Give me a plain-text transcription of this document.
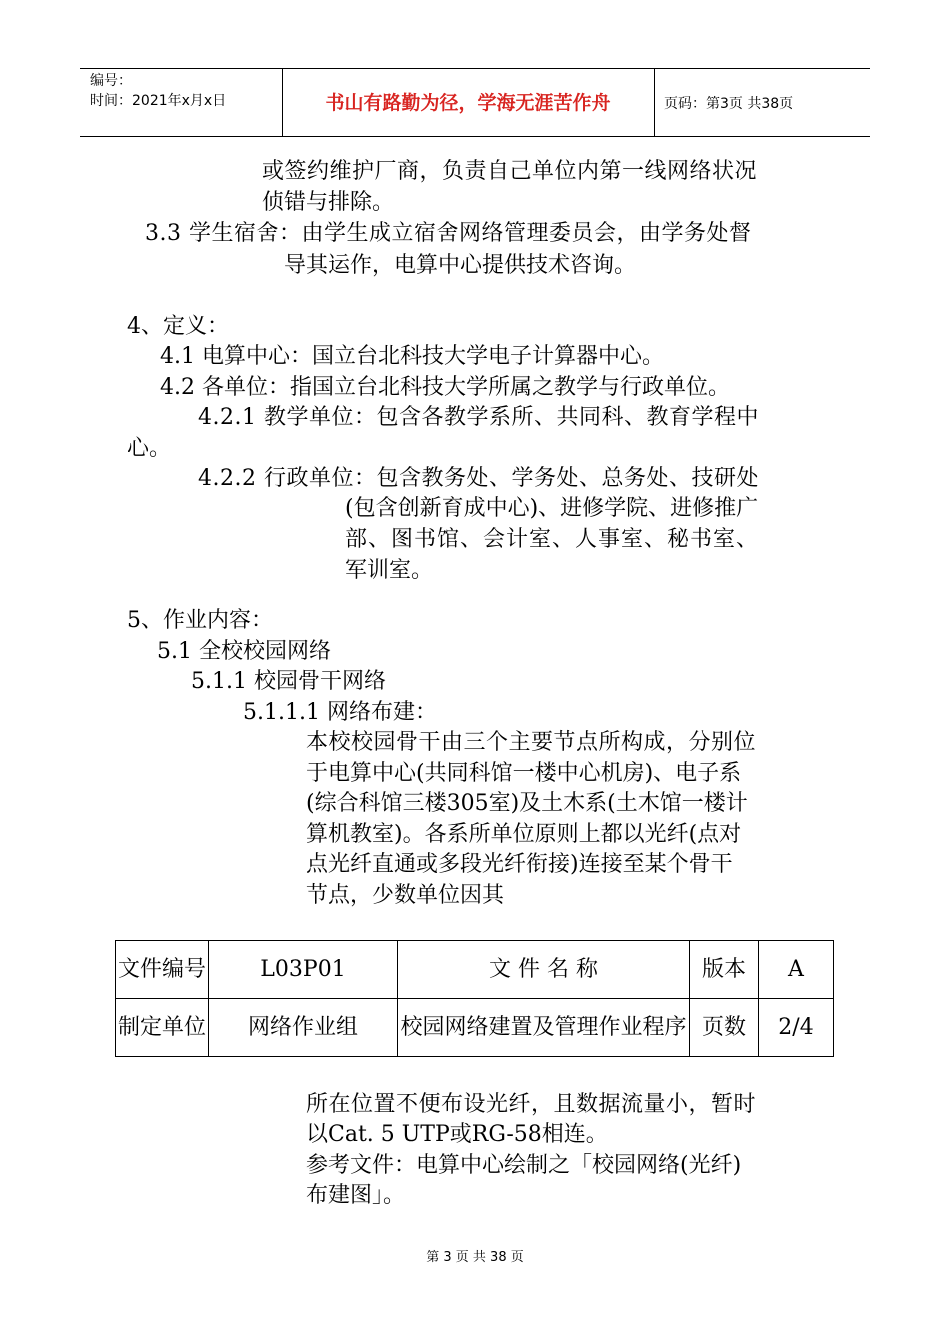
编号：
时间：2021年x月x日	书山有路勤为径，学海无涯苦作舟	页码：第3页 共38页
或签约维护厂商，负责自己单位内第一线网络状况
侦错与排除。
3.3 学生宿舍：由学生成立宿舍网络管理委员会，由学务处督
导其运作，电算中心提供技术咨询。
4、定义：
4.1 电算中心：国立台北科技大学电子计算器中心。
4.2 各单位：指国立台北科技大学所属之教学与行政单位。
4.2.1 教学单位：包含各教学系所、共同科、教育学程中
心。
4.2.2 行政单位：包含教务处、学务处、总务处、技研处
(包含创新育成中心)、进修学院、进修推广
部、图书馆、会计室、人事室、秘书室、
军训室。
5、作业内容：
5.1 全校校园网络
5.1.1 校园骨干网络
5.1.1.1 网络布建：
本校校园骨干由三个主要节点所构成，分别位
于电算中心(共同科馆一楼中心机房)、电子系
(综合科馆三楼305室)及土木系(土木馆一楼计
算机教室)。各系所单位原则上都以光纤(点对
点光纤直通或多段光纤衔接)连接至某个骨干
节点，少数单位因其
文件编号	L03P01	文 件 名 称	版本	A
制定单位	网络作业组	校园网络建置及管理作业程序	页数	2/4
所在位置不便布设光纤，且数据流量小，暂时
以Cat. 5 UTP或RG-58相连。
参考文件：电算中心绘制之「校园网络(光纤)
布建图」。
第 3 页 共 38 页
